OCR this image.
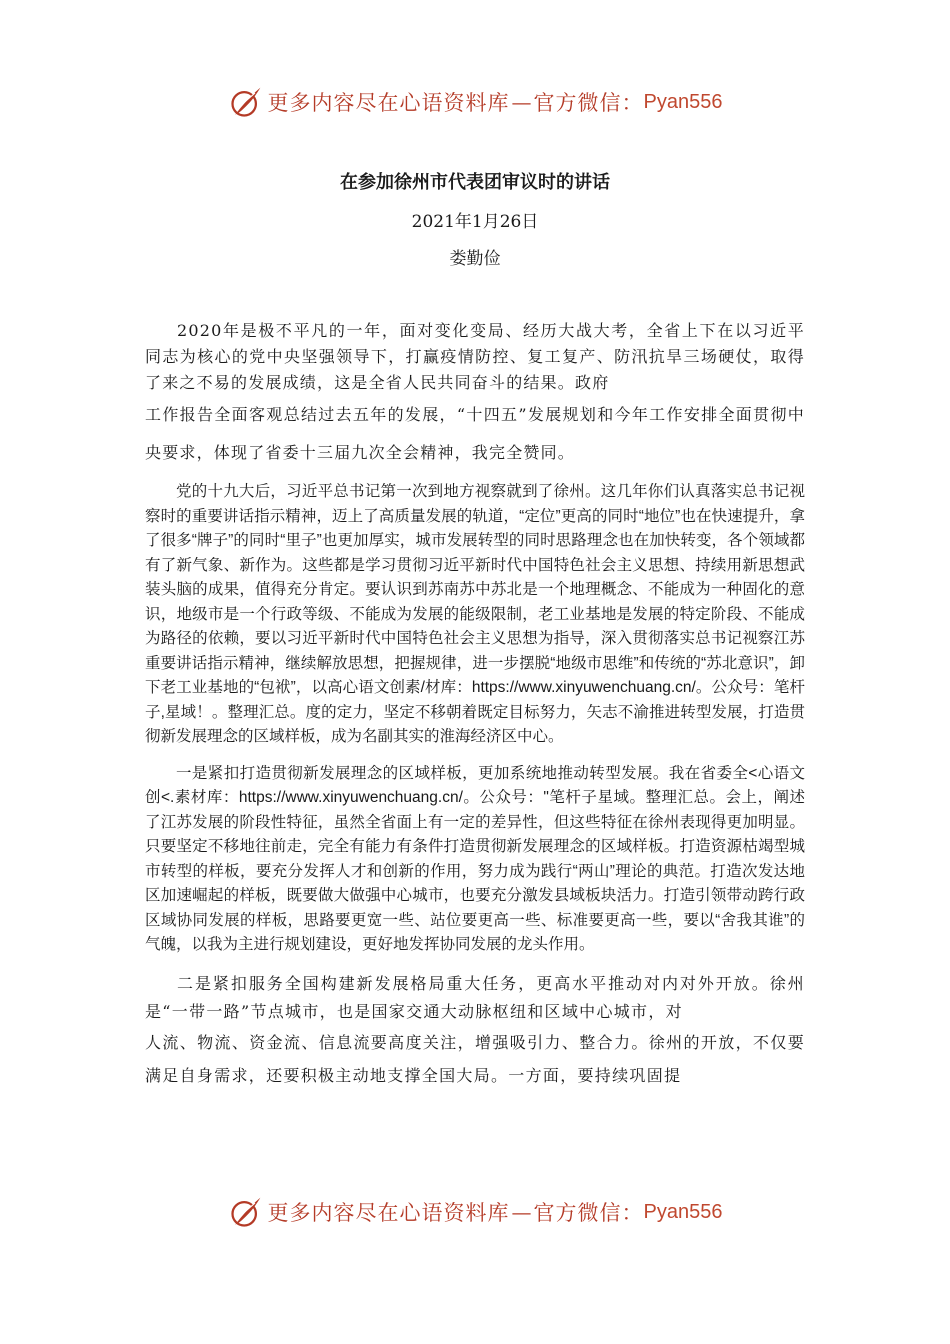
更多内容尽在心语资料库 — 官方微信： Pyan556
在参加徐州市代表团审议时的讲话
2021年1月26日
娄勤俭

2020年是极不平凡的一年，面对变化变局、经历大战大考，全省上下在以习近平同志为核心的党中央坚强领导下，打赢疫情防控、复工复产、防汛抗旱三场硬仗，取得了来之不易的发展成绩，这是全省人民共同奋斗的结果。政府

工作报告全面客观总结过去五年的发展，“十四五”发展规划和今年工作安排全面贯彻中央要求，体现了省委十三届九次全会精神，我完全赞同。

党的十九大后，习近平总书记第一次到地方视察就到了徐州。这几年你们认真落实总书记视察时的重要讲话指示精神，迈上了高质量发展的轨道，“定位”更高的同时“地位”也在快速提升，拿了很多“牌子”的同时“里子”也更加厚实，城市发展转型的同时思路理念也在加快转变，各个领域都有了新气象、新作为。这些都是学习贯彻习近平新时代中国特色社会主义思想、持续用新思想武装头脑的成果，值得充分肯定。要认识到苏南苏中苏北是一个地理概念、不能成为一种固化的意识，地级市是一个行政等级、不能成为发展的能级限制，老工业基地是发展的特定阶段、不能成为路径的依赖，要以习近平新时代中国特色社会主义思想为指导，深入贯彻落实总书记视察江苏重要讲话指示精神，继续解放思想，把握规律，进一步摆脱“地级市思维”和传统的“苏北意识”，卸下老工业基地的“包袱”，以高心语文创素/材库：https://www.xinyuwenchuang.cn/。公众号：笔杆子,星域！。整理汇总。度的定力，坚定不移朝着既定目标努力，矢志不渝推进转型发展，打造贯彻新发展理念的区域样板，成为名副其实的淮海经济区中心。

一是紧扣打造贯彻新发展理念的区域样板，更加系统地推动转型发展。我在省委全<心语文创<.素材库：https://www.xinyuwenchuang.cn/。公众号："笔杆子星域。整理汇总。会上，阐述了江苏发展的阶段性特征，虽然全省面上有一定的差异性，但这些特征在徐州表现得更加明显。只要坚定不移地往前走，完全有能力有条件打造贯彻新发展理念的区域样板。打造资源枯竭型城市转型的样板，要充分发挥人才和创新的作用，努力成为践行“两山”理论的典范。打造次发达地区加速崛起的样板，既要做大做强中心城市，也要充分激发县域板块活力。打造引领带动跨行政区域协同发展的样板，思路要更宽一些、站位要更高一些、标准要更高一些，要以“舍我其谁”的气魄，以我为主进行规划建设，更好地发挥协同发展的龙头作用。

二是紧扣服务全国构建新发展格局重大任务，更高水平推动对内对外开放。徐州是“一带一路”节点城市，也是国家交通大动脉枢纽和区域中心城市，对

人流、物流、资金流、信息流要高度关注，增强吸引力、整合力。徐州的开放，不仅要满足自身需求，还要积极主动地支撑全国大局。一方面，要持续巩固提

更多内容尽在心语资料库 — 官方微信： Pyan556
